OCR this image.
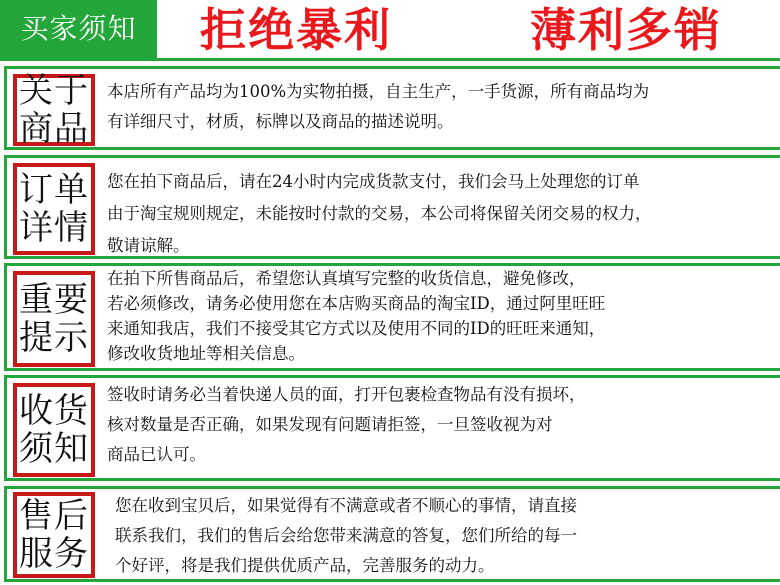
买家须知	拒绝暴利	薄利多销
关于
商品
本店所有产品均为100%为实物拍摄，自主生产，一手货源，所有商品均为
有详细尺寸，材质，标牌以及商品的描述说明。
订单
详情
您在拍下商品后，请在24小时内完成货款支付，我们会马上处理您的订单
由于淘宝规则规定，未能按时付款的交易，本公司将保留关闭交易的权力，
敬请谅解。
重要
提示
在拍下所售商品后，希望您认真填写完整的收货信息，避免修改，
若必须修改，请务必使用您在本店购买商品的淘宝ID，通过阿里旺旺
来通知我店，我们不接受其它方式以及使用不同的ID的旺旺来通知，
修改收货地址等相关信息。
收货
须知
签收时请务必当着快递人员的面，打开包裹检查物品有没有损坏，
核对数量是否正确，如果发现有问题请拒签，一旦签收视为对
商品已认可。
售后
服务
您在收到宝贝后，如果觉得有不满意或者不顺心的事情，请直接
联系我们，我们的售后会给您带来满意的答复，您们所给的每一
个好评，将是我们提供优质产品，完善服务的动力。
